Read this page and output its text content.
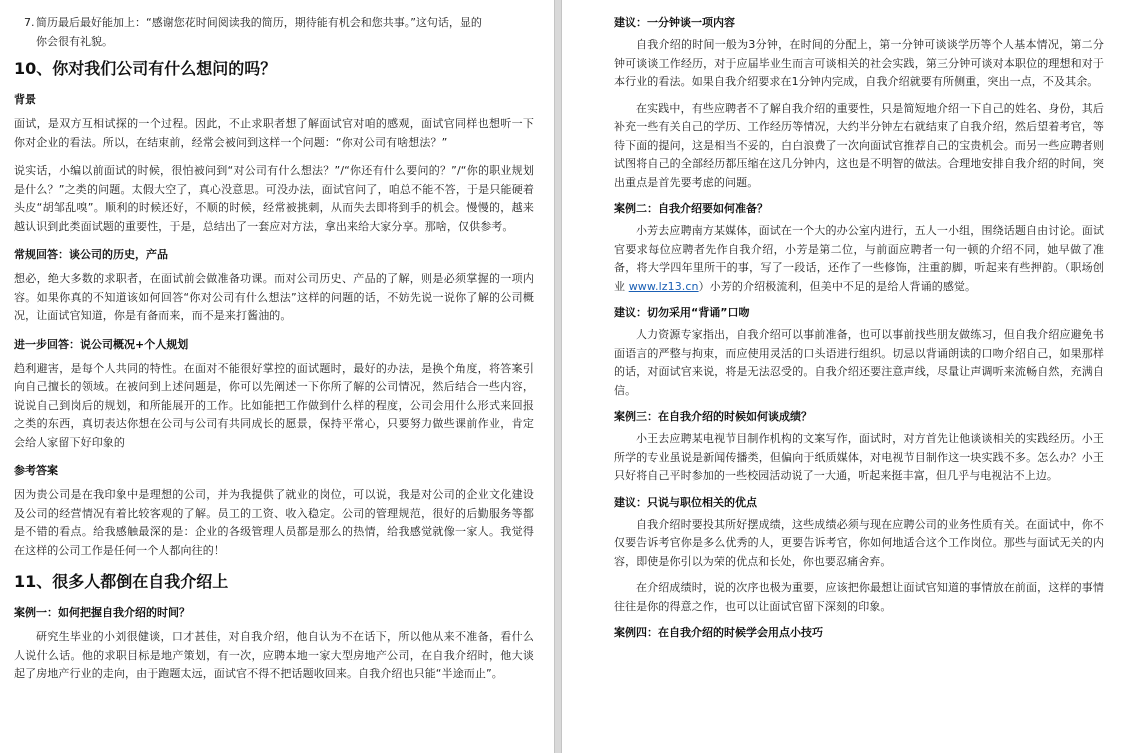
7. 简历最后最好能加上：“感谢您花时间阅读我的简历，期待能有机会和您共事。”这句话，显的
你会很有礼貌。
10、你对我们公司有什么想问的吗？
背景

面试，是双方互相试探的一个过程。因此，不止求职者想了解面试官对咱的感观，面试官同样也想听一下你对企业的看法。所以，在结束前，经常会被问到这样一个问题：“你对公司有啥想法？”

说实话，小编以前面试的时候，很怕被问到“对公司有什么想法？”/“你还有什么要问的？”/“你的职业规划是什么？”之类的问题。太假大空了，真心没意思。可没办法，面试官问了，咱总不能不答，于是只能硬着头皮“胡邹乱嗅”。顺利的时候还好，不顺的时候，经常被挑刺，从而失去即将到手的机会。慢慢的，越来越认识到此类面试题的重要性，于是，总结出了一套应对方法，拿出来给大家分享。那啥，仅供参考。

常规回答：谈公司的历史，产品

想必，绝大多数的求职者，在面试前会做准备功课。而对公司历史、产品的了解，则是必须掌握的一项内容。如果你真的不知道该如何回答“你对公司有什么想法”这样的问题的话，不妨先说一说你了解的公司概况，让面试官知道，你是有备而来，而不是来打酱油的。

进一步回答：说公司概况+个人规划

趋利避害，是每个人共同的特性。在面对不能很好掌控的面试题时，最好的办法，是换个角度，将答案引向自己擅长的领域。在被问到上述问题是，你可以先阐述一下你所了解的公司情况，然后结合一些内容，说说自己到岗后的规划，和所能展开的工作。比如能把工作做到什么样的程度，公司会用什么形式来回报之类的东西，真切表达你想在公司与公司有共同成长的愿景，保持平常心，只要努力做些课前作业，肯定会给人家留下好印象的

参考答案

因为贵公司是在我印象中是理想的公司，并为我提供了就业的岗位，可以说，我是对公司的企业文化建设及公司的经营情况有着比较客观的了解。员工的工资、收入稳定。公司的管理规范，很好的后勤服务等都是不错的看点。给我感触最深的是：企业的各级管理人员都是那么的热情，给我感觉就像一家人。我觉得在这样的公司工作是任何一个人都向往的！

11、很多人都倒在自我介绍上
案例一：如何把握自我介绍的时间？

研究生毕业的小刘很健谈，口才甚佳，对自我介绍，他自认为不在话下，所以他从来不准备，看什么人说什么话。他的求职目标是地产策划，有一次，应聘本地一家大型房地产公司，在自我介绍时，他大谈起了房地产行业的走向，由于跑题太远，面试官不得不把话题收回来。自我介绍也只能“半途而止”。

建议：一分钟谈一项内容

自我介绍的时间一般为3分钟，在时间的分配上，第一分钟可谈谈学历等个人基本情况，第二分钟可谈谈工作经历，对于应届毕业生而言可谈相关的社会实践，第三分钟可谈对本职位的理想和对于本行业的看法。如果自我介绍要求在1分钟内完成，自我介绍就要有所侧重，突出一点，不及其余。

在实践中，有些应聘者不了解自我介绍的重要性，只是简短地介绍一下自己的姓名、身份，其后补充一些有关自己的学历、工作经历等情况，大约半分钟左右就结束了自我介绍，然后望着考官，等待下面的提问，这是相当不妥的，白白浪费了一次向面试官推荐自己的宝贵机会。而另一些应聘者则试图将自己的全部经历都压缩在这几分钟内，这也是不明智的做法。合理地安排自我介绍的时间，突出重点是首先要考虑的问题。

案例二：自我介绍要如何准备？

小芳去应聘南方某媒体，面试在一个大的办公室内进行，五人一小组，围绕话题自由讨论。面试官要求每位应聘者先作自我介绍，小芳是第二位，与前面应聘者一句一顿的介绍不同，她早做了准备，将大学四年里所干的事，写了一段话，还作了一些修饰，注重韵脚，听起来有些押韵。（职场创业 www.lz13.cn）小芳的介绍极流利，但美中不足的是给人背诵的感觉。

建议：切勿采用“背诵”口吻

人力资源专家指出，自我介绍可以事前准备，也可以事前找些朋友做练习，但自我介绍应避免书面语言的严整与拘束，而应使用灵活的口头语进行组织。切忌以背诵朗读的口吻介绍自己，如果那样的话，对面试官来说，将是无法忍受的。自我介绍还要注意声线，尽量让声调听来流畅自然，充满自信。

案例三：在自我介绍的时候如何谈成绩？

小王去应聘某电视节目制作机构的文案写作，面试时，对方首先让他谈谈相关的实践经历。小王所学的专业虽说是新闻传播类，但偏向于纸质媒体，对电视节目制作这一块实践不多。怎么办？小王只好将自己平时参加的一些校园活动说了一大通，听起来挺丰富，但几乎与电视沾不上边。

建议：只说与职位相关的优点

自我介绍时要投其所好摆成绩，这些成绩必须与现在应聘公司的业务性质有关。在面试中，你不仅要告诉考官你是多么优秀的人，更要告诉考官，你如何地适合这个工作岗位。那些与面试无关的内容，即使是你引以为荣的优点和长处，你也要忍痛舍弃。

在介绍成绩时，说的次序也极为重要，应该把你最想让面试官知道的事情放在前面，这样的事情往往是你的得意之作，也可以让面试官留下深刻的印象。

案例四：在自我介绍的时候学会用点小技巧
